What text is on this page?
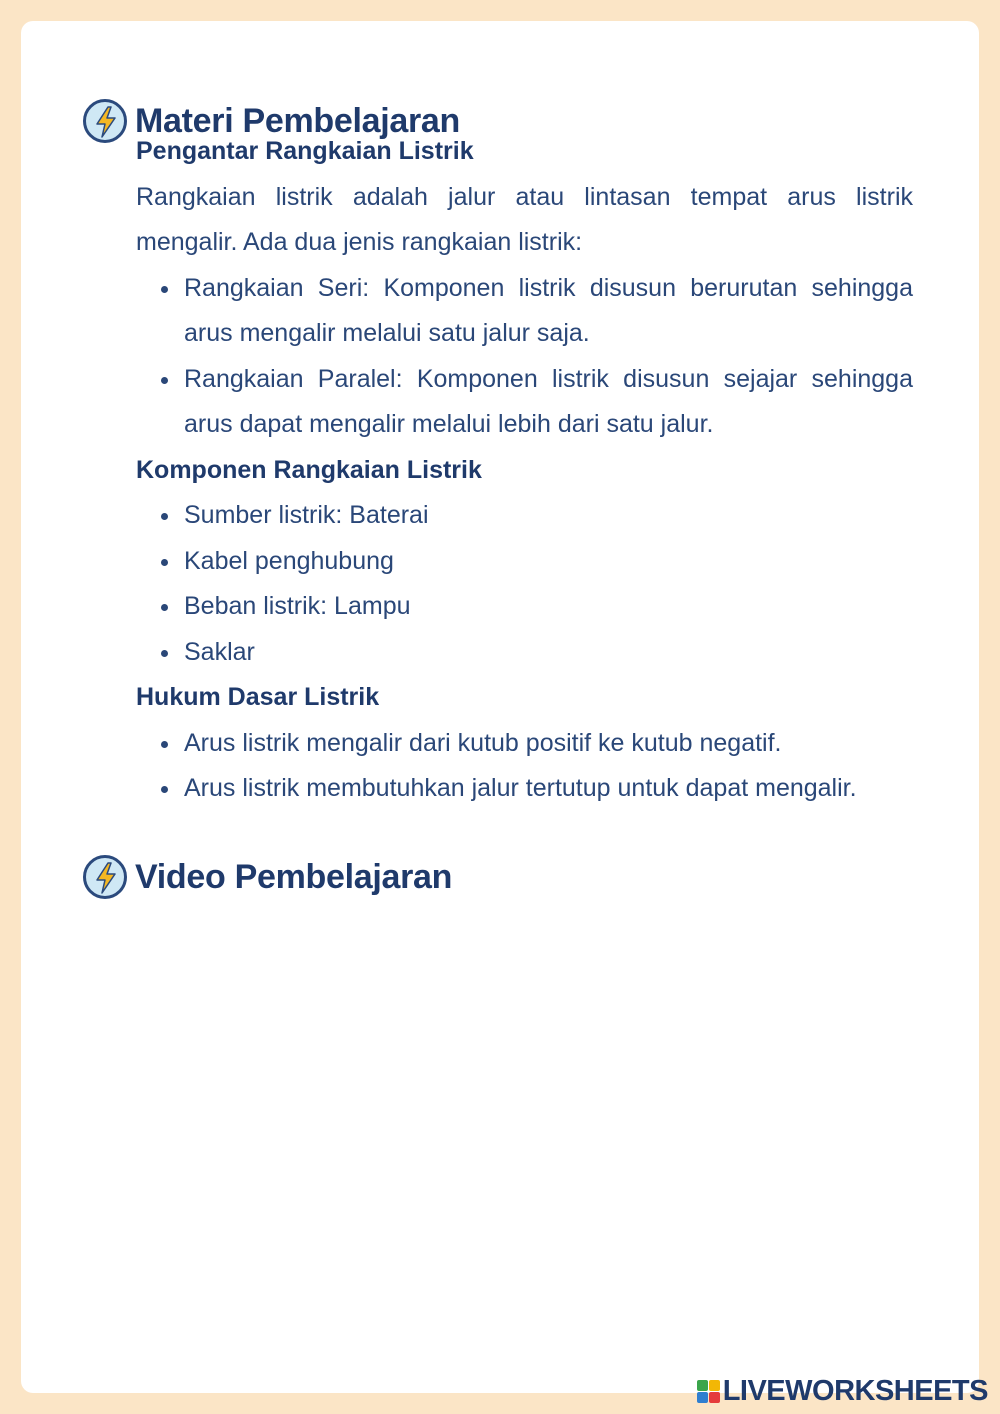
Materi Pembelajaran
Pengantar Rangkaian Listrik

Rangkaian listrik adalah jalur atau lintasan tempat arus listrik mengalir. Ada dua jenis rangkaian listrik:

Rangkaian Seri: Komponen listrik disusun berurutan sehingga arus mengalir melalui satu jalur saja.
Rangkaian Paralel: Komponen listrik disusun sejajar sehingga arus dapat mengalir melalui lebih dari satu jalur.
Komponen Rangkaian Listrik
Sumber listrik: Baterai
Kabel penghubung
Beban listrik: Lampu
Saklar
Hukum Dasar Listrik
Arus listrik mengalir dari kutub positif ke kutub negatif.
Arus listrik membutuhkan jalur tertutup untuk dapat mengalir.
Video Pembelajaran
LIVEWORKSHEETS
